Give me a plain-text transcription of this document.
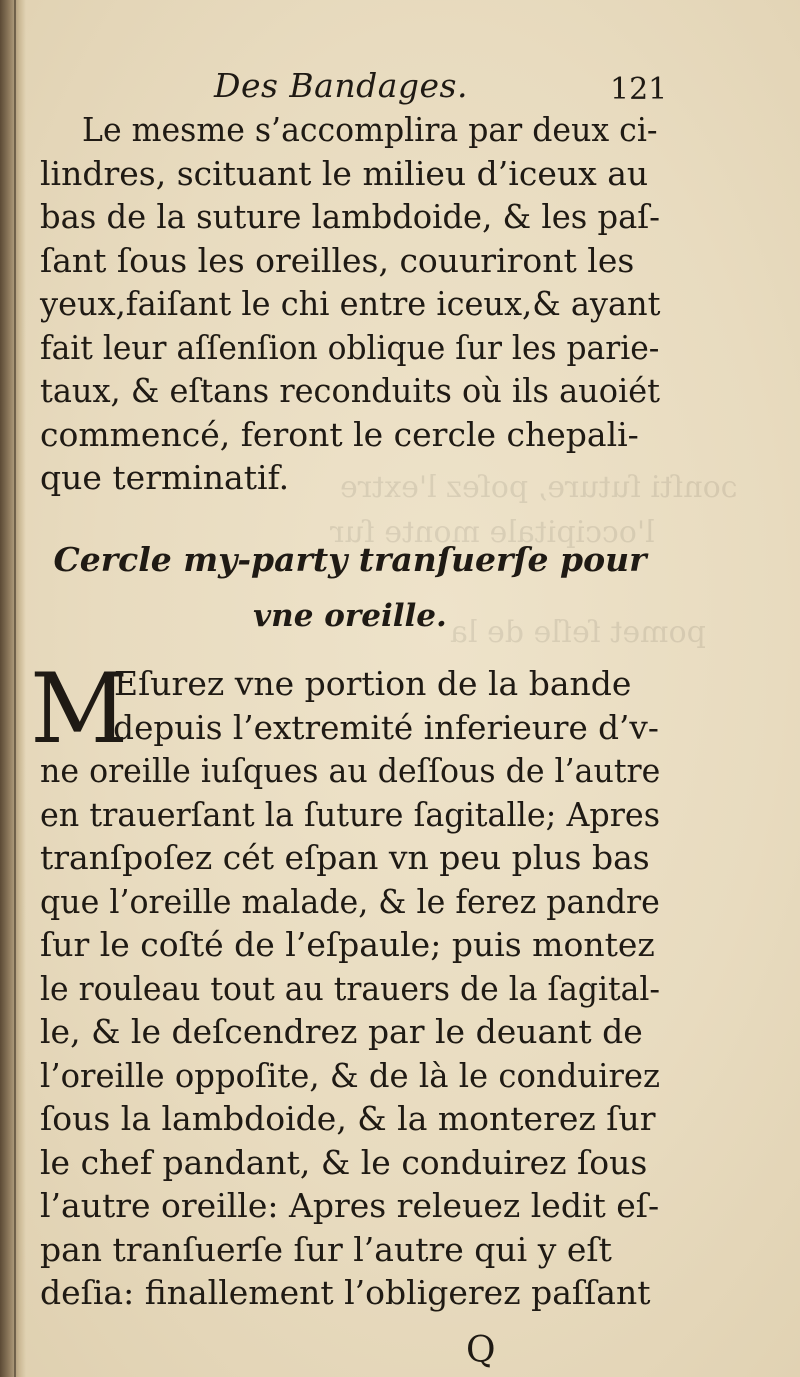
ɔonſti ſuture, poſez l'extre
l'occipitale monte ſur
pomet ſeſle de la
Des Bandages.	121
Le mesme s’accomplira par deux ci-
lindres, scituant le milieu d’iceux au
bas de la suture lambdoide, & les paſ-
ſant ſous les oreilles, couuriront les
yeux,faiſant le chi entre iceux,& ayant
fait leur aſſenſion oblique ſur les parie-
taux, & eſtans reconduits où ils auoiét
commencé, feront le cercle chepali-
que terminatif.
Cercle my-party tranſuerſe pour
vne oreille.
M
Eſurez vne portion de la bande
depuis l’extremité inferieure d’v-
ne oreille iuſques au deſſous de l’autre
en trauerſant la ſuture ſagitalle; Apres
tranſpoſez cét eſpan vn peu plus bas
que l’oreille malade, & le ferez pandre
ſur le coſté de l’eſpaule; puis montez
le rouleau tout au trauers de la ſagital-
le, & le deſcendrez par le deuant de
l’oreille oppoſite, & de là le conduirez
ſous la lambdoide, & la monterez ſur
le chef pandant, & le conduirez ſous
l’autre oreille: Apres releuez ledit eſ-
pan tranſuerſe ſur l’autre qui y eſt
deſia: finallement l’obligerez paſſant
Q
